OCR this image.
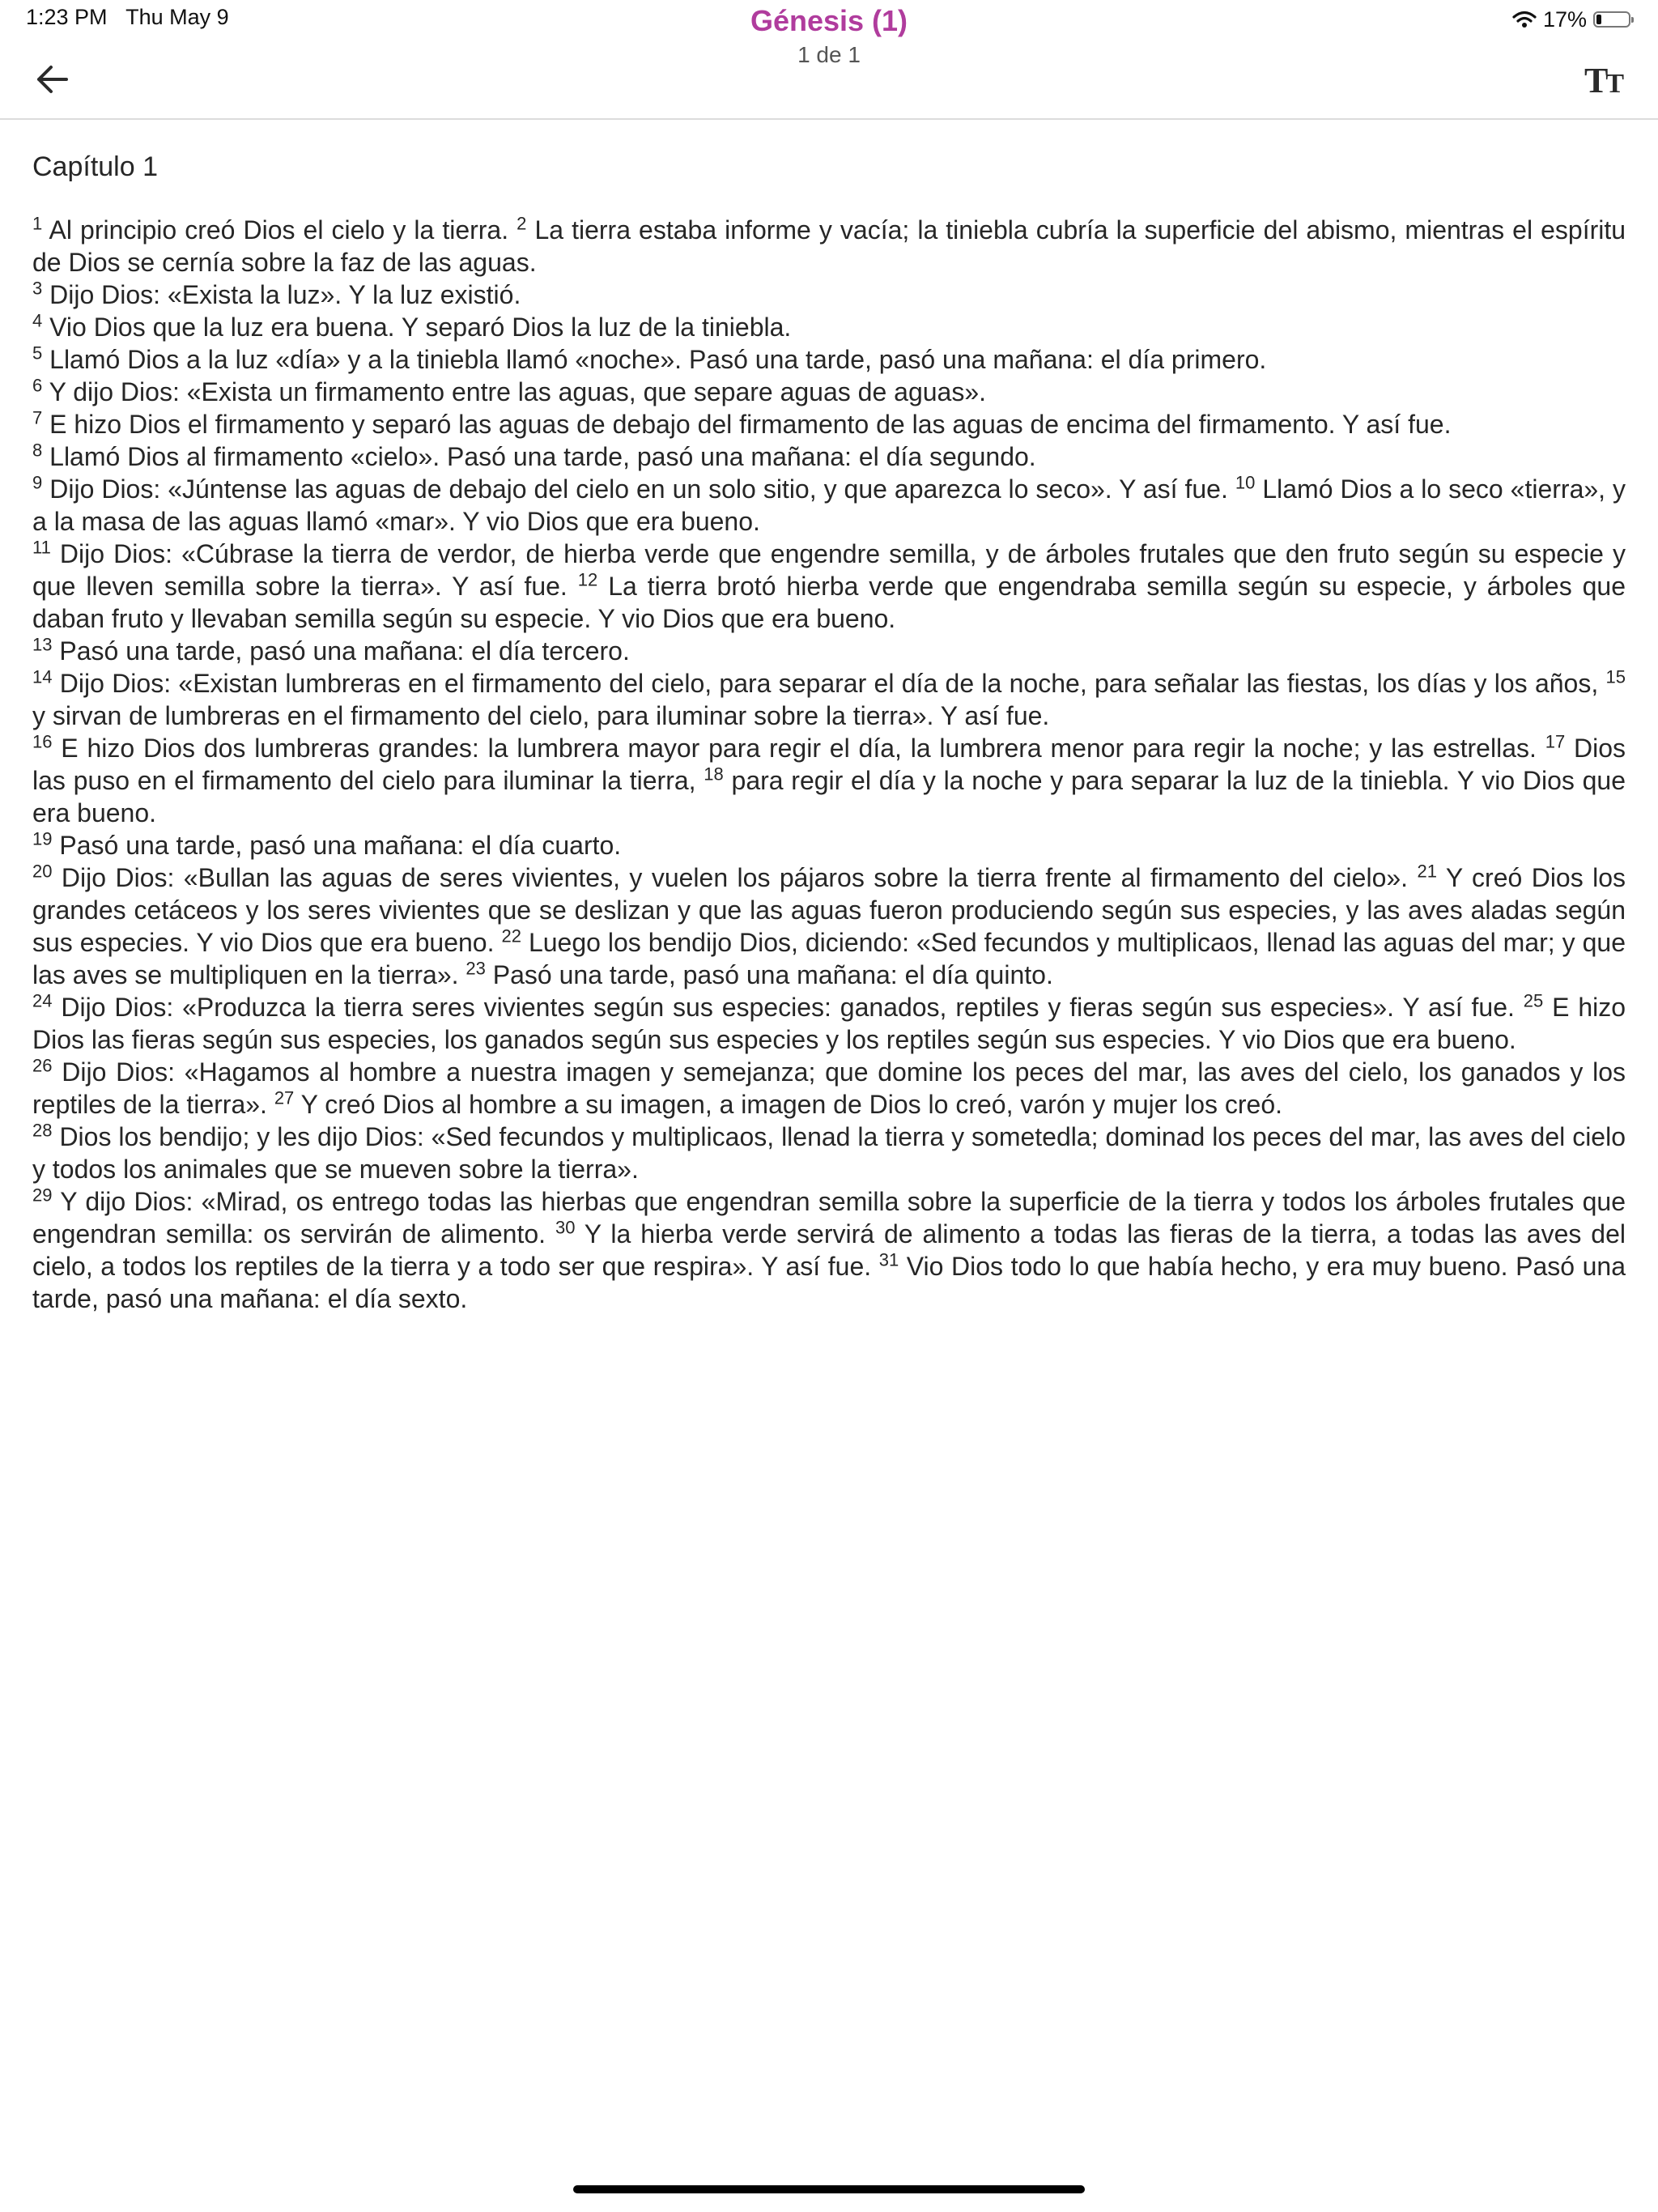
Génesis (1)
1 de 1
TT
1:23 PM Thu May 9	17%
Capítulo 1
$^1$ Al principio creó Dios el cielo y la tierra. $^2$ La tierra estaba informe y vacía; la tiniebla cubría la superficie del abismo, mientras el espíritu de Dios se cernía sobre la faz de las aguas.
$^3$ Dijo Dios: «Exista la luz». Y la luz existió.
$^4$ Vio Dios que la luz era buena. Y separó Dios la luz de la tiniebla.
$^5$ Llamó Dios a la luz «día» y a la tiniebla llamó «noche». Pasó una tarde, pasó una mañana: el día primero.
$^6$ Y dijo Dios: «Exista un firmamento entre las aguas, que separe aguas de aguas».
$^7$ E hizo Dios el firmamento y separó las aguas de debajo del firmamento de las aguas de encima del firmamento. Y así fue.
$^8$ Llamó Dios al firmamento «cielo». Pasó una tarde, pasó una mañana: el día segundo.
$^9$ Dijo Dios: «Júntense las aguas de debajo del cielo en un solo sitio, y que aparezca lo seco». Y así fue. $^{10}$ Llamó Dios a lo seco «tierra», y a la masa de las aguas llamó «mar». Y vio Dios que era bueno.
$^{11}$ Dijo Dios: «Cúbrase la tierra de verdor, de hierba verde que engendre semilla, y de árboles frutales que den fruto según su especie y que lleven semilla sobre la tierra». Y así fue. $^{12}$ La tierra brotó hierba verde que engendraba semilla según su especie, y árboles que daban fruto y llevaban semilla según su especie. Y vio Dios que era bueno.
$^{13}$ Pasó una tarde, pasó una mañana: el día tercero.
$^{14}$ Dijo Dios: «Existan lumbreras en el firmamento del cielo, para separar el día de la noche, para señalar las fiestas, los días y los años, $^{15}$ y sirvan de lumbreras en el firmamento del cielo, para iluminar sobre la tierra». Y así fue.
$^{16}$ E hizo Dios dos lumbreras grandes: la lumbrera mayor para regir el día, la lumbrera menor para regir la noche; y las estrellas. $^{17}$ Dios las puso en el firmamento del cielo para iluminar la tierra, $^{18}$ para regir el día y la noche y para separar la luz de la tiniebla. Y vio Dios que era bueno.
$^{19}$ Pasó una tarde, pasó una mañana: el día cuarto.
$^{20}$ Dijo Dios: «Bullan las aguas de seres vivientes, y vuelen los pájaros sobre la tierra frente al firmamento del cielo». $^{21}$ Y creó Dios los grandes cetáceos y los seres vivientes que se deslizan y que las aguas fueron produciendo según sus especies, y las aves aladas según sus especies. Y vio Dios que era bueno. $^{22}$ Luego los bendijo Dios, diciendo: «Sed fecundos y multiplicaos, llenad las aguas del mar; y que las aves se multipliquen en la tierra». $^{23}$ Pasó una tarde, pasó una mañana: el día quinto.
$^{24}$ Dijo Dios: «Produzca la tierra seres vivientes según sus especies: ganados, reptiles y fieras según sus especies». Y así fue. $^{25}$ E hizo Dios las fieras según sus especies, los ganados según sus especies y los reptiles según sus especies. Y vio Dios que era bueno.
$^{26}$ Dijo Dios: «Hagamos al hombre a nuestra imagen y semejanza; que domine los peces del mar, las aves del cielo, los ganados y los reptiles de la tierra». $^{27}$ Y creó Dios al hombre a su imagen, a imagen de Dios lo creó, varón y mujer los creó.
$^{28}$ Dios los bendijo; y les dijo Dios: «Sed fecundos y multiplicaos, llenad la tierra y sometedla; dominad los peces del mar, las aves del cielo y todos los animales que se mueven sobre la tierra».
$^{29}$ Y dijo Dios: «Mirad, os entrego todas las hierbas que engendran semilla sobre la superficie de la tierra y todos los árboles frutales que engendran semilla: os servirán de alimento. $^{30}$ Y la hierba verde servirá de alimento a todas las fieras de la tierra, a todas las aves del cielo, a todos los reptiles de la tierra y a todo ser que respira». Y así fue. $^{31}$ Vio Dios todo lo que había hecho, y era muy bueno. Pasó una tarde, pasó una mañana: el día sexto.
